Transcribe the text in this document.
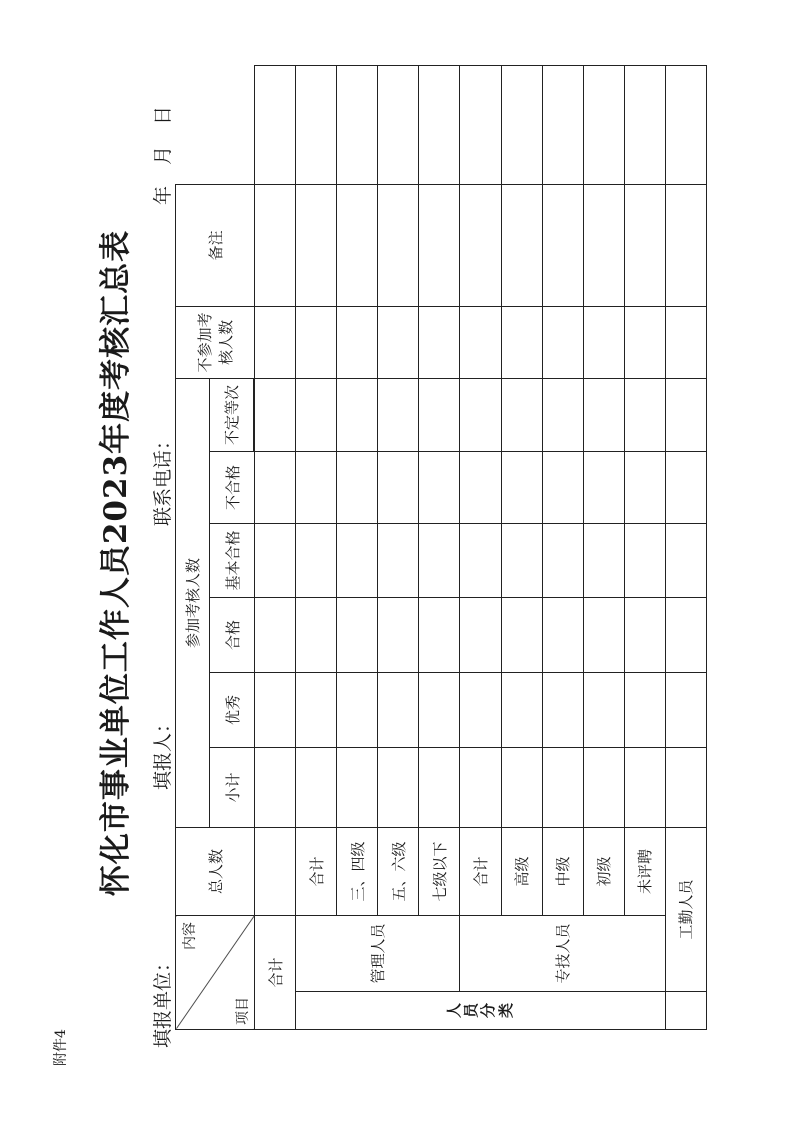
附件4
怀化市事业单位工作人员2023年度考核汇总表
填报单位：
填报人：
联系电话：
年月日
内容
项目		总人数	参加考核人数						不参加考核人数	备注	
			小计	优秀	合格	基本合格	不合格	不定等次			

合计											
人员分类	管理人员	合计									
		三、四级									
		五、六级									
		七级以下									
	专技人员	合计									
		高级									
		中级									
		初级									
		未评聘									
	工勤人员										
